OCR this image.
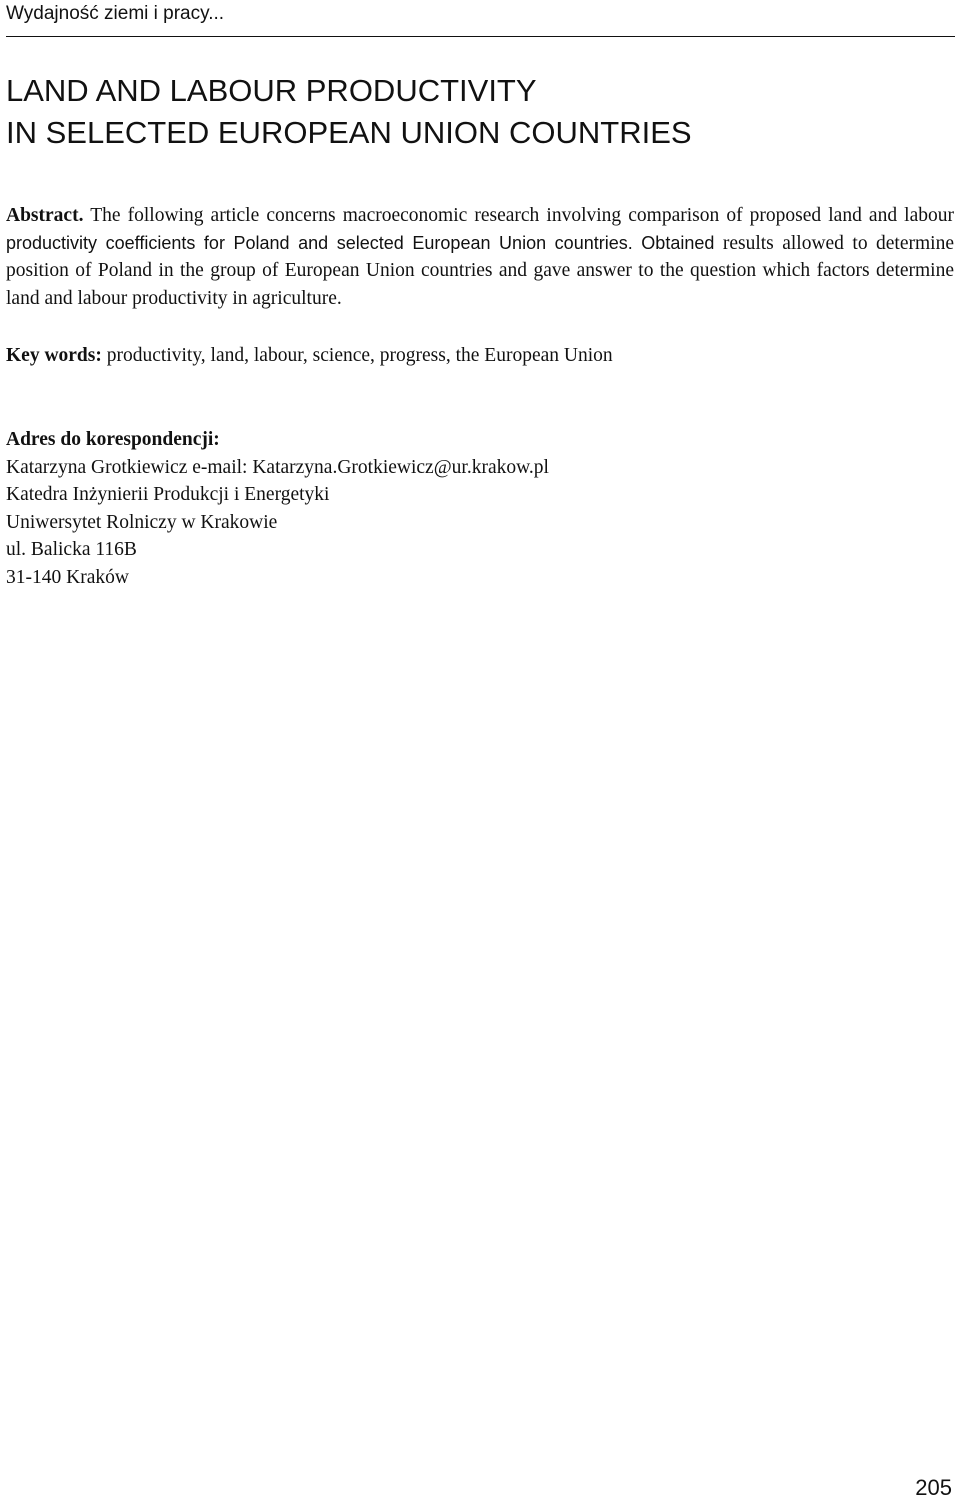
Wydajność ziemi i pracy...
LAND AND LABOUR PRODUCTIVITY
IN SELECTED EUROPEAN UNION COUNTRIES

Abstract. The following article concerns macroeconomic research involving comparison of proposed land and labour productivity coefficients for Poland and selected European Union countries. Obtained results allowed to determine position of Poland in the group of European Union countries and gave answer to the question which factors determine land and labour productivity in agriculture.

Key words: productivity, land, labour, science, progress, the European Union

Adres do korespondencji:
Katarzyna Grotkiewicz e-mail: Katarzyna.Grotkiewicz@ur.krakow.pl
Katedra Inżynierii Produkcji i Energetyki
Uniwersytet Rolniczy w Krakowie
ul. Balicka 116B
31-140 Kraków
205
